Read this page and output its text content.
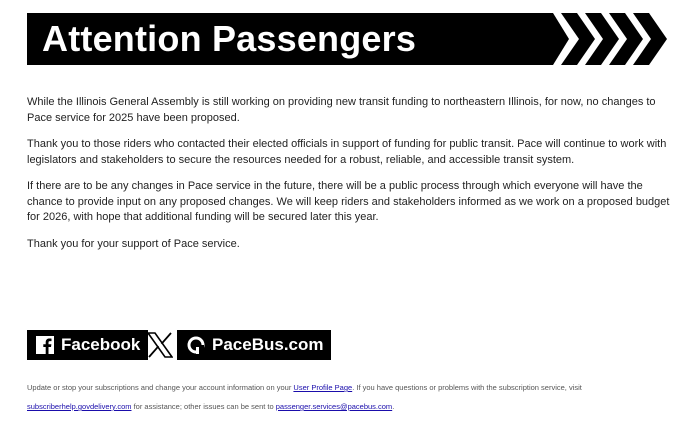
Attention Passengers

While the Illinois General Assembly is still working on providing new transit funding to northeastern Illinois, for now, no changes to Pace service for 2025 have been proposed.

Thank you to those riders who contacted their elected officials in support of funding for public transit. Pace will continue to work with legislators and stakeholders to secure the resources needed for a robust, reliable, and accessible transit system.

If there are to be any changes in Pace service in the future, there will be a public process through which everyone will have the chance to provide input on any proposed changes. We will keep riders and stakeholders informed as we work on a proposed budget for 2026, with hope that additional funding will be secured later this year.

Thank you for your support of Pace service.

Facebook	PaceBus.com
Update or stop your subscriptions and change your account information on your User Profile Page. If you have questions or problems with the subscription service, visit subscriberhelp.govdelivery.com for assistance; other issues can be sent to passenger.services@pacebus.com.
